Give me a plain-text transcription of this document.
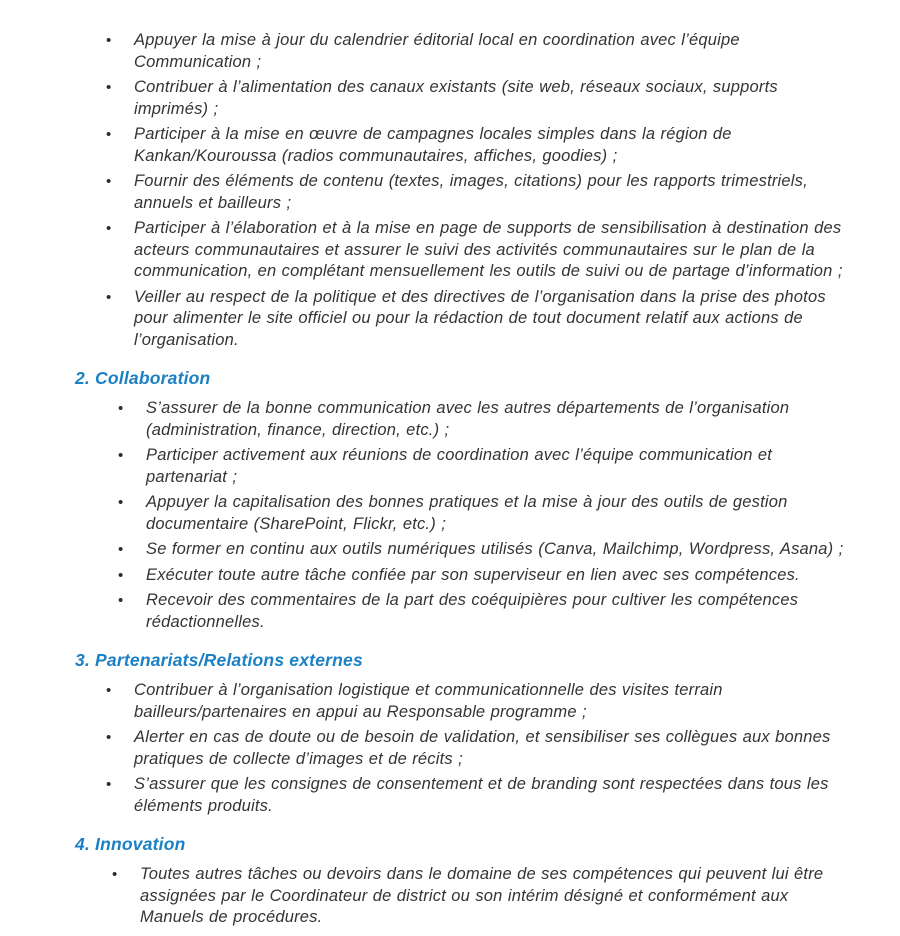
•	Appuyer la mise à jour du calendrier éditorial local en coordination avec l’équipe Communication ;
•	Contribuer à l’alimentation des canaux existants (site web, réseaux sociaux, supports imprimés) ;
•	Participer à la mise en œuvre de campagnes locales simples dans la région de Kankan/Kouroussa (radios communautaires, affiches, goodies) ;
•	Fournir des éléments de contenu (textes, images, citations) pour les rapports trimestriels, annuels et bailleurs ;
•	Participer à l’élaboration et à la mise en page de supports de sensibilisation à destination des acteurs communautaires et assurer le suivi des activités communautaires sur le plan de la communication, en complétant mensuellement les outils de suivi ou de partage d’information ;
•	Veiller au respect de la politique et des directives de l’organisation dans la prise des photos pour alimenter le site officiel ou pour la rédaction de tout document relatif aux actions de l’organisation.
2. Collaboration
•	S’assurer de la bonne communication avec les autres départements de l’organisation (administration, finance, direction, etc.) ;
•	Participer activement aux réunions de coordination avec l’équipe communication et partenariat ;
•	Appuyer la capitalisation des bonnes pratiques et la mise à jour des outils de gestion documentaire (SharePoint, Flickr, etc.) ;
•	Se former en continu aux outils numériques utilisés (Canva, Mailchimp, Wordpress, Asana) ;
•	Exécuter toute autre tâche confiée par son superviseur en lien avec ses compétences.
•	Recevoir des commentaires de la part des coéquipières pour cultiver les compétences rédactionnelles.
3. Partenariats/Relations externes
•	Contribuer à l’organisation logistique et communicationnelle des visites terrain bailleurs/partenaires en appui au Responsable programme ;
•	Alerter en cas de doute ou de besoin de validation, et sensibiliser ses collègues aux bonnes pratiques de collecte d’images et de récits ;
•	S’assurer que les consignes de consentement et de branding sont respectées dans tous les éléments produits.
4. Innovation
•	Toutes autres tâches ou devoirs dans le domaine de ses compétences qui peuvent lui être assignées par le Coordinateur de district ou son intérim désigné et conformément aux Manuels de procédures.
